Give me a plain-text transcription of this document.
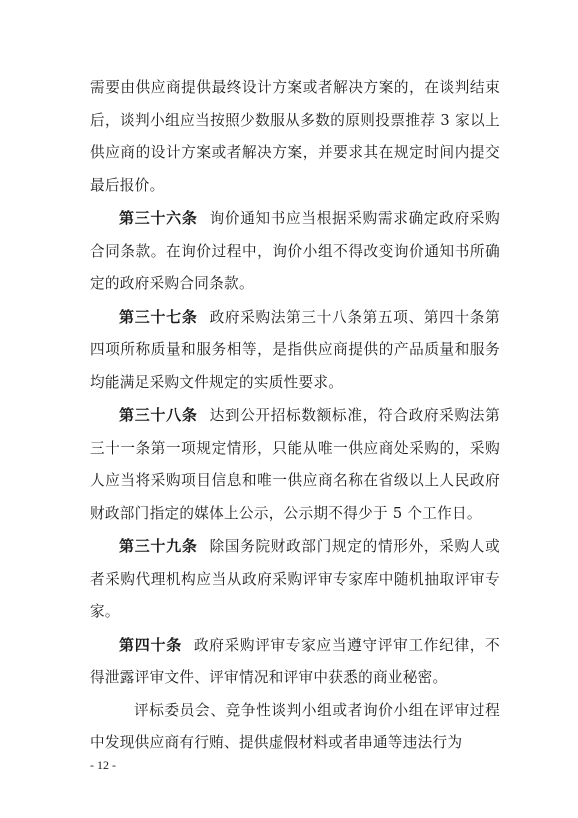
需要由供应商提供最终设计方案或者解决方案的，在谈判结束后，谈判小组应当按照少数服从多数的原则投票推荐 3 家以上供应商的设计方案或者解决方案，并要求其在规定时间内提交最后报价。

第三十六条 询价通知书应当根据采购需求确定政府采购合同条款。在询价过程中，询价小组不得改变询价通知书所确定的政府采购合同条款。

第三十七条 政府采购法第三十八条第五项、第四十条第四项所称质量和服务相等，是指供应商提供的产品质量和服务均能满足采购文件规定的实质性要求。

第三十八条 达到公开招标数额标准，符合政府采购法第三十一条第一项规定情形，只能从唯一供应商处采购的，采购人应当将采购项目信息和唯一供应商名称在省级以上人民政府财政部门指定的媒体上公示，公示期不得少于 5 个工作日。

第三十九条 除国务院财政部门规定的情形外，采购人或者采购代理机构应当从政府采购评审专家库中随机抽取评审专家。

第四十条 政府采购评审专家应当遵守评审工作纪律，不得泄露评审文件、评审情况和评审中获悉的商业秘密。

评标委员会、竞争性谈判小组或者询价小组在评审过程中发现供应商有行贿、提供虚假材料或者串通等违法行为

- 12 -
